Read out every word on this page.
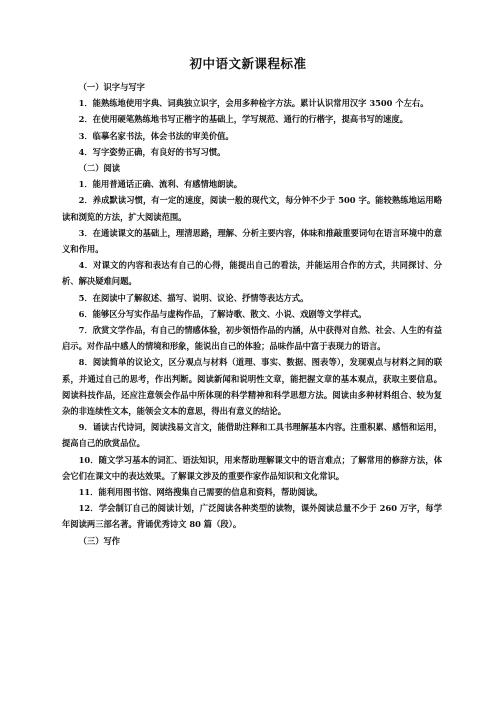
初中语文新课程标准

（一）识字与写字

1．能熟练地使用字典、词典独立识字，会用多种检字方法。累计认识常用汉字 3500 个左右。

2．在使用硬笔熟练地书写正楷字的基础上，学写规范、通行的行楷字，提高书写的速度。

3．临摹名家书法，体会书法的审美价值。

4．写字姿势正确，有良好的书写习惯。

（二）阅读

1．能用普通话正确、流利、有感情地朗读。

2．养成默读习惯，有一定的速度，阅读一般的现代文，每分钟不少于 500 字。能较熟练地运用略读和浏览的方法，扩大阅读范围。

3．在通读课文的基础上，理清思路，理解、分析主要内容，体味和推敲重要词句在语言环境中的意义和作用。

4．对课文的内容和表达有自己的心得，能提出自己的看法，并能运用合作的方式，共同探讨、分析、解决疑难问题。

5．在阅读中了解叙述、描写、说明、议论、抒情等表达方式。

6．能够区分写实作品与虚构作品，了解诗歌、散文、小说、戏剧等文学样式。

7．欣赏文学作品，有自己的情感体验，初步领悟作品的内涵，从中获得对自然、社会、人生的有益启示。对作品中感人的情境和形象，能说出自己的体验；品味作品中富于表现力的语言。

8．阅读简单的议论文，区分观点与材料（道理、事实、数据、图表等），发现观点与材料之间的联系，并通过自己的思考，作出判断。阅读新闻和说明性文章，能把握文章的基本观点，获取主要信息。阅读科技作品，还应注意领会作品中所体现的科学精神和科学思想方法。阅读由多种材料组合、较为复杂的非连续性文本，能领会文本的意思，得出有意义的结论。

9．诵读古代诗词，阅读浅易文言文，能借助注释和工具书理解基本内容。注重积累、感悟和运用，提高自己的欣赏品位。

10．随文学习基本的词汇、语法知识，用来帮助理解课文中的语言难点；了解常用的修辞方法，体会它们在课文中的表达效果。了解课文涉及的重要作家作品知识和文化常识。

11．能利用图书馆、网络搜集自己需要的信息和资料，帮助阅读。

12．学会制订自己的阅读计划，广泛阅读各种类型的读物，课外阅读总量不少于 260 万字，每学年阅读两三部名著。背诵优秀诗文 80 篇（段）。

（三）写作
